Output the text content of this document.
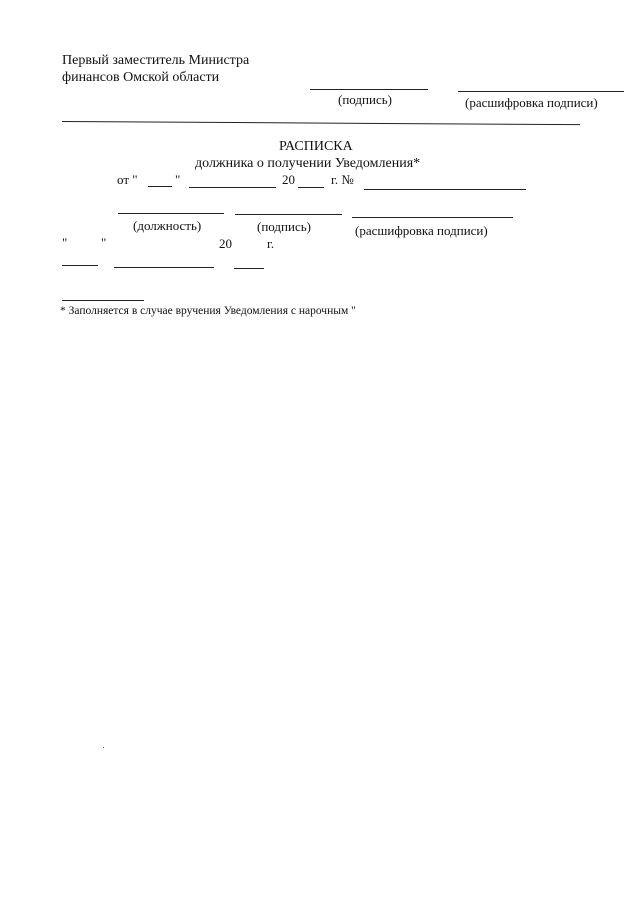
Первый заместитель Министра
финансов Омской области
(подпись)	(расшифровка подписи)
РАСПИСКА
должника о получении Уведомления*
от "	"	20	г. №
(должность)	(подпись)	(расшифровка подписи)
"	"	20	г.
* Заполняется в случае вручения Уведомления с нарочным "
